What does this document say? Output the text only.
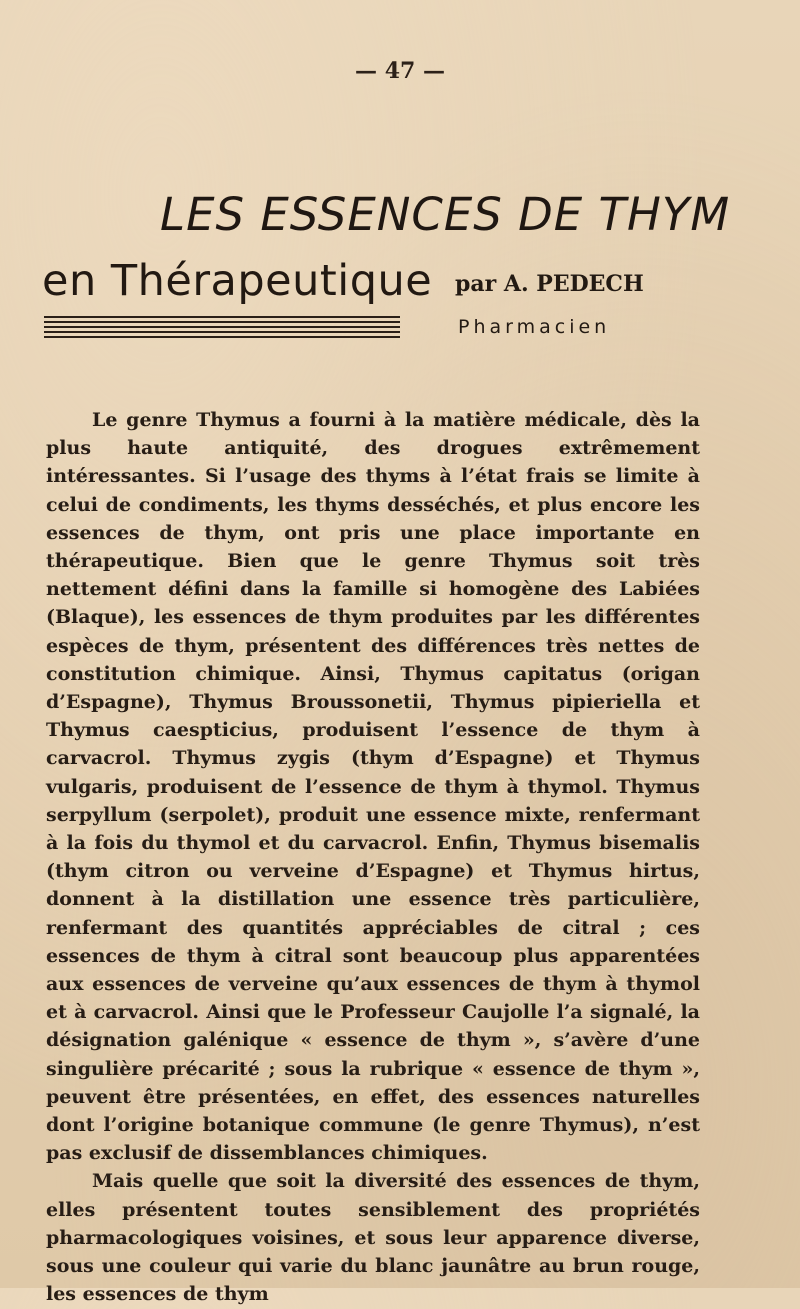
— 47 —
LES ESSENCES DE THYM
en Thérapeutique par A. PEDECH
Pharmacien

Le genre Thymus a fourni à la matière médicale, dès la plus haute antiquité, des drogues extrêmement intéressantes. Si l’usage des thyms à l’état frais se limite à celui de condiments, les thyms desséchés, et plus encore les essences de thym, ont pris une place importante en thérapeutique. Bien que le genre Thymus soit très nettement défini dans la famille si homogène des Labiées (Blaque), les essences de thym produites par les différentes espèces de thym, présentent des différences très nettes de constitution chimique. Ainsi, Thymus capitatus (origan d’Espagne), Thymus Broussonetii, Thymus pipieriella et Thymus caespticius, produisent l’essence de thym à carvacrol. Thymus zygis (thym d’Espagne) et Thymus vulgaris, produisent de l’essence de thym à thymol. Thymus serpyllum (serpolet), produit une essence mixte, renfermant à la fois du thymol et du carvacrol. Enfin, Thymus bisemalis (thym citron ou verveine d’Espagne) et Thymus hirtus, donnent à la distillation une essence très particulière, renfermant des quantités appréciables de citral ; ces essences de thym à citral sont beaucoup plus apparentées aux essences de verveine qu’aux essences de thym à thymol et à carvacrol. Ainsi que le Professeur Caujolle l’a signalé, la désignation galénique « essence de thym », s’avère d’une singulière précarité ; sous la rubrique « essence de thym », peuvent être présentées, en effet, des essences naturelles dont l’origine botanique commune (le genre Thymus), n’est pas exclusif de dissemblances chimiques.

Mais quelle que soit la diversité des essences de thym, elles présentent toutes sensiblement des propriétés pharmacologiques voisines, et sous leur apparence diverse, sous une couleur qui varie du blanc jaunâtre au brun rouge, les essences de thym
